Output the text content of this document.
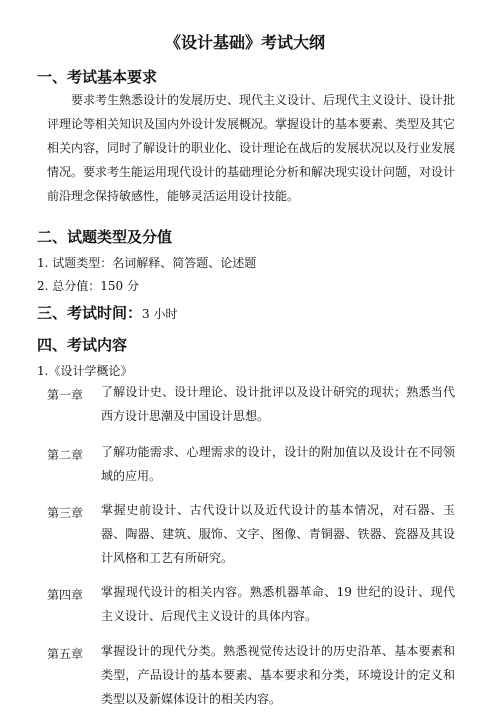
《设计基础》考试大纲
一、考试基本要求
要求考生熟悉设计的发展历史、现代主义设计、后现代主义设计、设计批评理论等相关知识及国内外设计发展概况。掌握设计的基本要素、类型及其它相关内容，同时了解设计的职业化、设计理论在战后的发展状况以及行业发展情况。要求考生能运用现代设计的基础理论分析和解决现实设计问题，对设计前沿理念保持敏感性，能够灵活运用设计技能。
二、试题类型及分值
1. 试题类型：名词解释、简答题、论述题
2. 总分值：150 分
三、考试时间：3 小时
四、考试内容
1.《设计学概论》
第一章 了解设计史、设计理论、设计批评以及设计研究的现状；熟悉当代西方设计思潮及中国设计思想。
第二章 了解功能需求、心理需求的设计，设计的附加值以及设计在不同领域的应用。
第三章 掌握史前设计、古代设计以及近代设计的基本情况，对石器、玉器、陶器、建筑、服饰、文字、图像、青铜器、铁器、瓷器及其设计风格和工艺有所研究。
第四章 掌握现代设计的相关内容。熟悉机器革命、19 世纪的设计、现代主义设计、后现代主义设计的具体内容。
第五章 掌握设计的现代分类。熟悉视觉传达设计的历史沿革、基本要素和类型，产品设计的基本要素、基本要求和分类，环境设计的定义和类型以及新媒体设计的相关内容。
